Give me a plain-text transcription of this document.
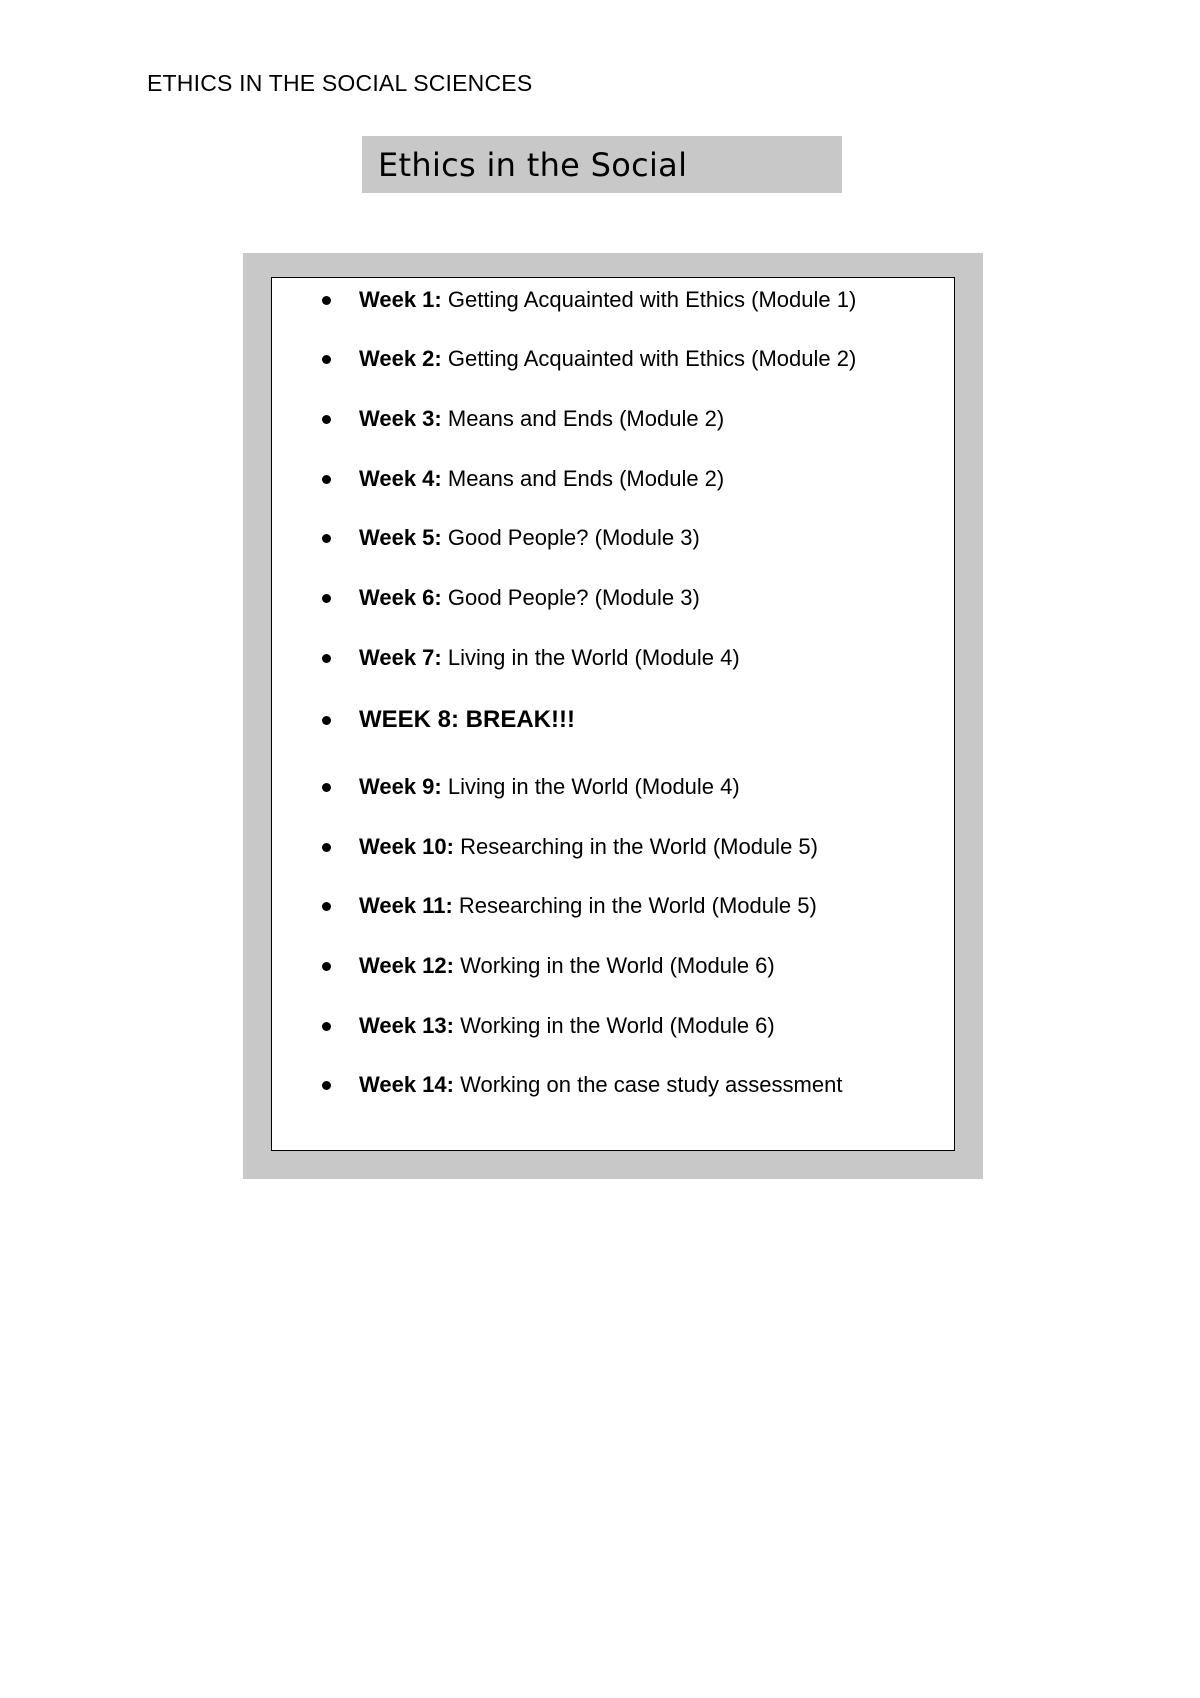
ETHICS IN THE SOCIAL SCIENCES
Ethics in the Social
Week 1: Getting Acquainted with Ethics (Module 1)
Week 2: Getting Acquainted with Ethics (Module 2)
Week 3: Means and Ends (Module 2)
Week 4: Means and Ends (Module 2)
Week 5: Good People? (Module 3)
Week 6: Good People? (Module 3)
Week 7: Living in the World (Module 4)
WEEK 8: BREAK!!!
Week 9: Living in the World (Module 4)
Week 10: Researching in the World (Module 5)
Week 11: Researching in the World (Module 5)
Week 12: Working in the World (Module 6)
Week 13: Working in the World (Module 6)
Week 14: Working on the case study assessment
